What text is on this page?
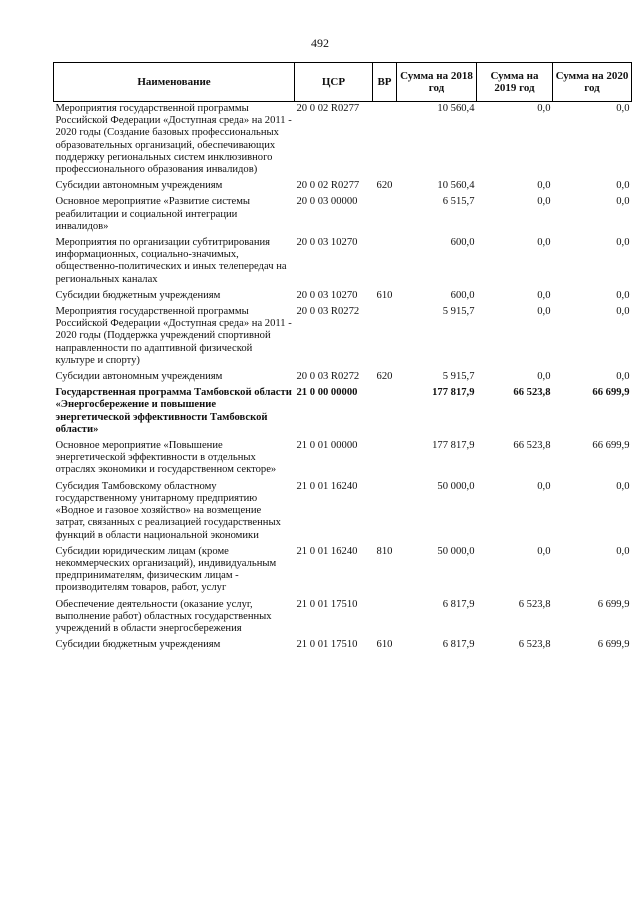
492
Наименование	ЦСР	ВР	Сумма на 2018 год	Сумма на 2019 год	Сумма на 2020 год
Мероприятия государственной программы Российской Федерации «Доступная среда» на 2011 - 2020 годы (Создание базовых профессиональных образовательных организаций, обеспечивающих поддержку региональных систем инклюзивного профессионального образования инвалидов)	20 0 02 R0277		10 560,4	0,0	0,0
Субсидии автономным учреждениям	20 0 02 R0277	620	10 560,4	0,0	0,0
Основное мероприятие «Развитие системы реабилитации и социальной интеграции инвалидов»	20 0 03 00000		6 515,7	0,0	0,0
Мероприятия по организации субтитрирования информационных, социально-значимых, общественно-политических и иных телепередач на региональных каналах	20 0 03 10270		600,0	0,0	0,0
Субсидии бюджетным учреждениям	20 0 03 10270	610	600,0	0,0	0,0
Мероприятия государственной программы Российской Федерации «Доступная среда» на 2011 - 2020 годы (Поддержка учреждений спортивной направленности по адаптивной физической культуре и спорту)	20 0 03 R0272		5 915,7	0,0	0,0
Субсидии автономным учреждениям	20 0 03 R0272	620	5 915,7	0,0	0,0
Государственная программа Тамбовской области «Энергосбережение и повышение энергетической эффективности Тамбовской области»	21 0 00 00000		177 817,9	66 523,8	66 699,9
Основное мероприятие «Повышение энергетической эффективности в отдельных отраслях экономики и государственном секторе»	21 0 01 00000		177 817,9	66 523,8	66 699,9
Субсидия Тамбовскому областному государственному унитарному предприятию «Водное и газовое хозяйство» на возмещение затрат, связанных с реализацией государственных функций в области национальной экономики	21 0 01 16240		50 000,0	0,0	0,0
Субсидии юридическим лицам (кроме некоммерческих организаций), индивидуальным предпринимателям, физическим лицам - производителям товаров, работ, услуг	21 0 01 16240	810	50 000,0	0,0	0,0
Обеспечение деятельности (оказание услуг, выполнение работ) областных государственных учреждений в области энергосбережения	21 0 01 17510		6 817,9	6 523,8	6 699,9
Субсидии бюджетным учреждениям	21 0 01 17510	610	6 817,9	6 523,8	6 699,9
